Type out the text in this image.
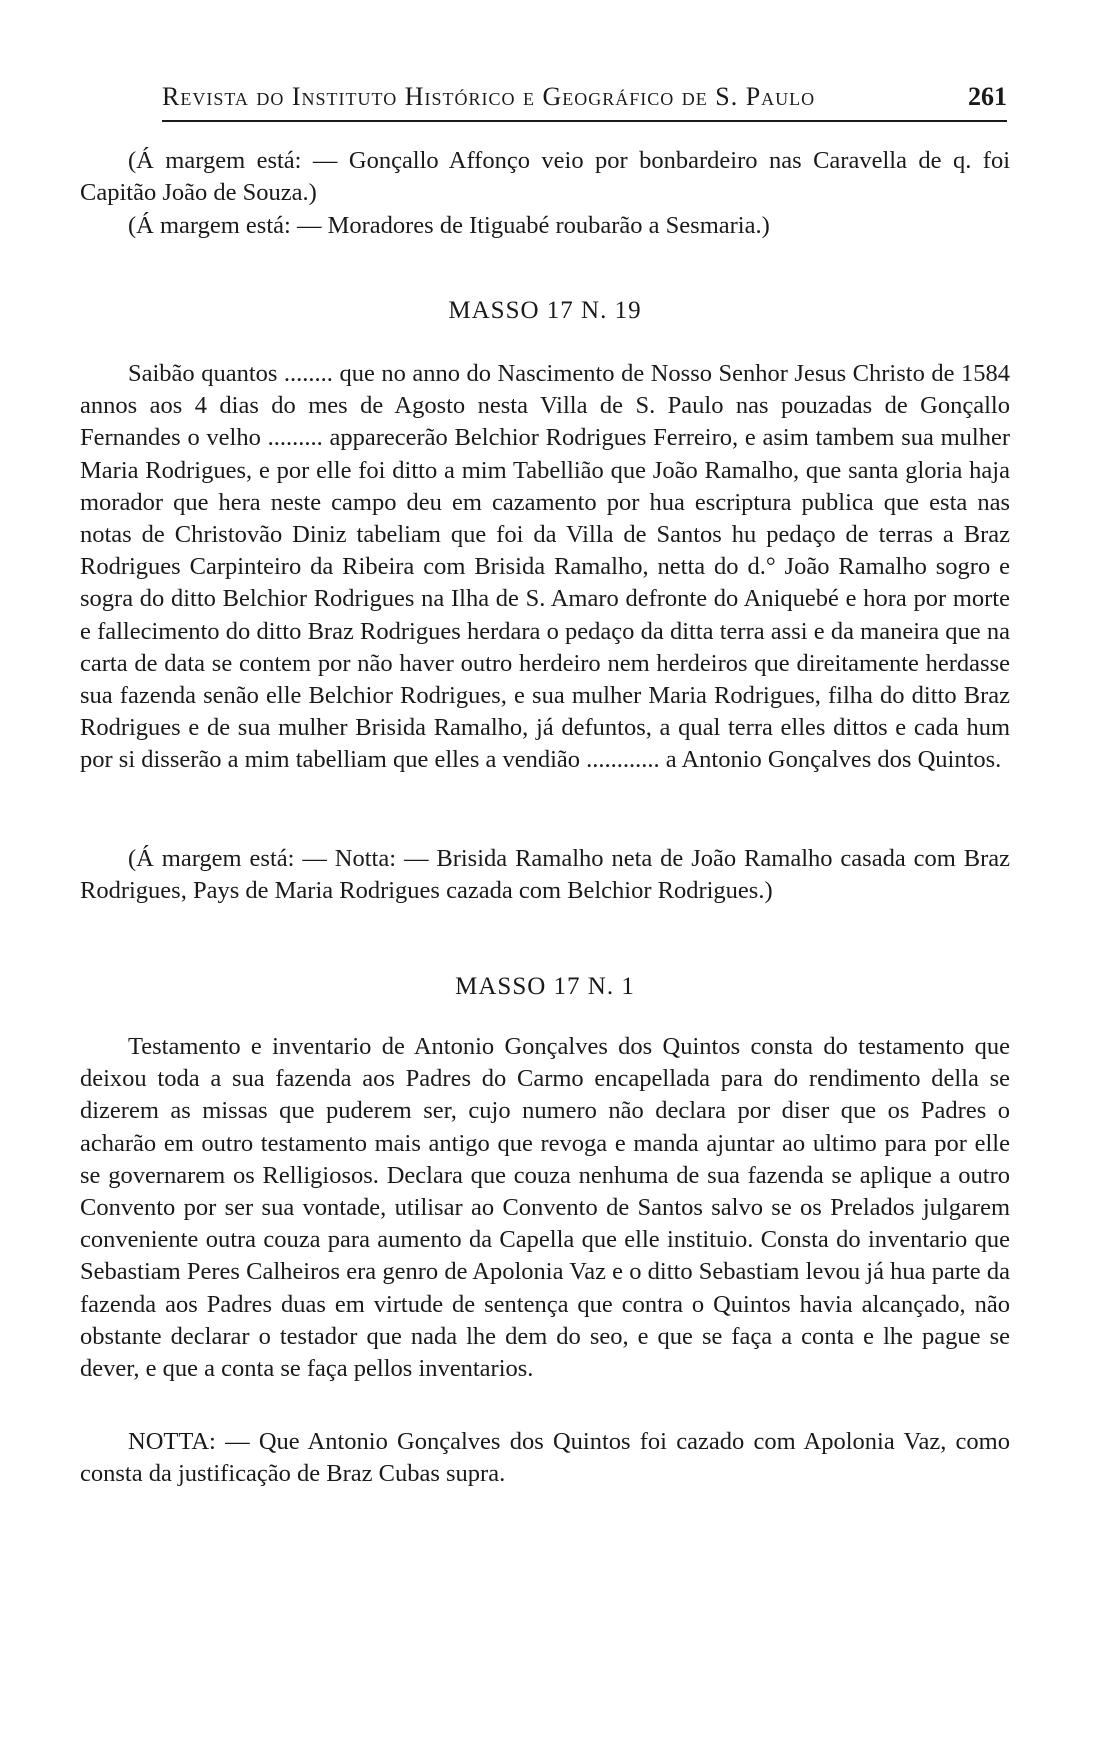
Revista do Instituto Histórico e Geográfico de S. Paulo	261

(Á margem está: — Gonçallo Affonço veio por bonbardeiro nas Caravella de q. foi Capitão João de Souza.)

(Á margem está: — Moradores de Itiguabé roubarão a Sesmaria.)

MASSO 17 N. 19

Saibão quantos ........ que no anno do Nascimento de Nosso Senhor Jesus Christo de 1584 annos aos 4 dias do mes de Agosto nesta Villa de S. Paulo nas pouzadas de Gonçallo Fernandes o velho ......... apparecerão Belchior Rodrigues Ferreiro, e asim tambem sua mulher Maria Rodrigues, e por elle foi ditto a mim Tabellião que João Ramalho, que santa gloria haja morador que hera neste campo deu em cazamento por hua escriptura publica que esta nas notas de Christovão Diniz tabeliam que foi da Villa de Santos hu pedaço de terras a Braz Rodrigues Carpinteiro da Ribeira com Brisida Ramalho, netta do d.° João Ramalho sogro e sogra do ditto Belchior Rodrigues na Ilha de S. Amaro defronte do Aniquebé e hora por morte e fallecimento do ditto Braz Rodrigues herdara o pedaço da ditta terra assi e da maneira que na carta de data se contem por não haver outro herdeiro nem herdeiros que direitamente herdasse sua fazenda senão elle Belchior Rodrigues, e sua mulher Maria Rodrigues, filha do ditto Braz Rodrigues e de sua mulher Brisida Ramalho, já defuntos, a qual terra elles dittos e cada hum por si disserão a mim tabelliam que elles a vendião ............ a Antonio Gonçalves dos Quintos.

(Á margem está: — Notta: — Brisida Ramalho neta de João Ramalho casada com Braz Rodrigues, Pays de Maria Rodrigues cazada com Belchior Rodrigues.)

MASSO 17 N. 1

Testamento e inventario de Antonio Gonçalves dos Quintos consta do testamento que deixou toda a sua fazenda aos Padres do Carmo encapellada para do rendimento della se dizerem as missas que puderem ser, cujo numero não declara por diser que os Padres o acharão em outro testamento mais antigo que revoga e manda ajuntar ao ultimo para por elle se governarem os Relligiosos. Declara que couza nenhuma de sua fazenda se aplique a outro Convento por ser sua vontade, utilisar ao Convento de Santos salvo se os Prelados julgarem conveniente outra couza para aumento da Capella que elle instituio. Consta do inventario que Sebastiam Peres Calheiros era genro de Apolonia Vaz e o ditto Sebastiam levou já hua parte da fazenda aos Padres duas em virtude de sentença que contra o Quintos havia alcançado, não obstante declarar o testador que nada lhe dem do seo, e que se faça a conta e lhe pague se dever, e que a conta se faça pellos inventarios.

NOTTA: — Que Antonio Gonçalves dos Quintos foi cazado com Apolonia Vaz, como consta da justificação de Braz Cubas supra.
